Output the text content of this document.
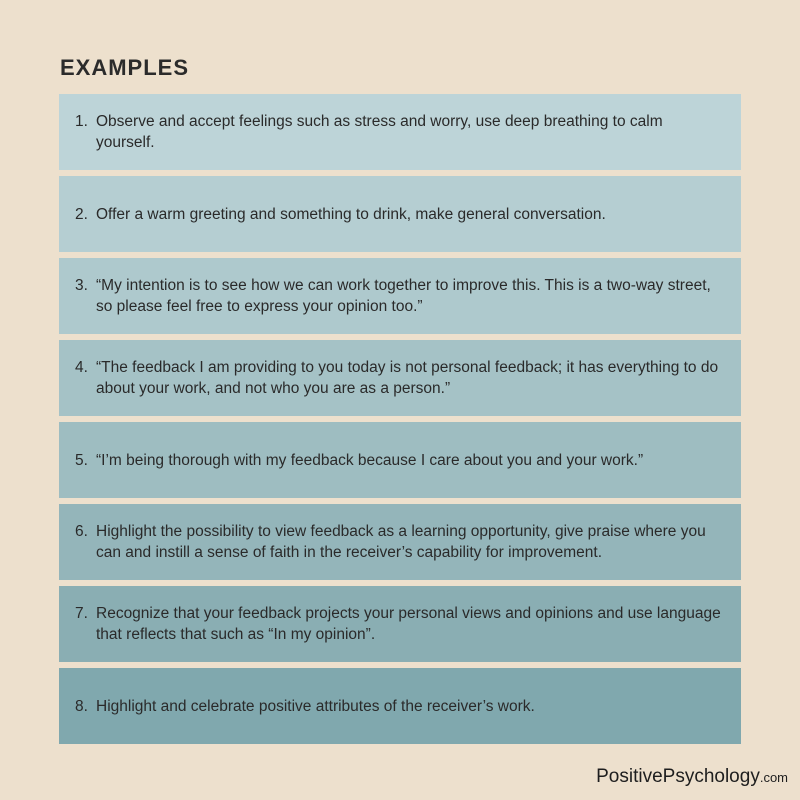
EXAMPLES
1. Observe and accept feelings such as stress and worry, use deep breathing to calm yourself.
2. Offer a warm greeting and something to drink, make general conversation.
3. “My intention is to see how we can work together to improve this. This is a two-way street, so please feel free to express your opinion too.”
4. “The feedback I am providing to you today is not personal feedback; it has everything to do about your work, and not who you are as a person.”
5. “I’m being thorough with my feedback because I care about you and your work.”
6. Highlight the possibility to view feedback as a learning opportunity, give praise where you can and instill a sense of faith in the receiver’s capability for improvement.
7. Recognize that your feedback projects your personal views and opinions and use language that reflects that such as “In my opinion”.
8. Highlight and celebrate positive attributes of the receiver’s work.
PositivePsychology.com
